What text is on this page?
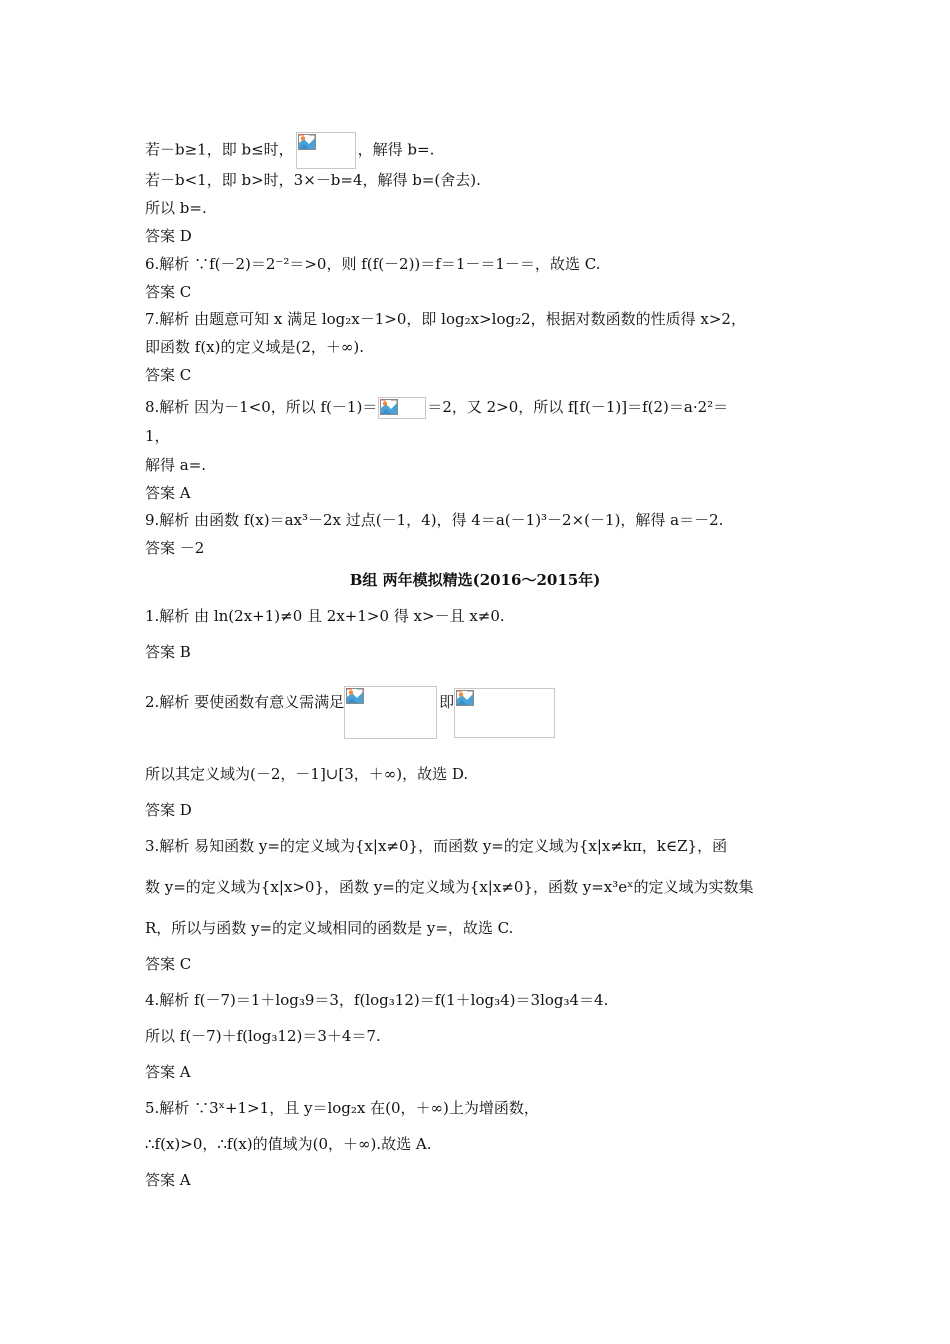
若－b≥1，即 b≤时，	，解得 b=.
若－b<1，即 b>时，3×－b=4，解得 b=(舍去).
所以 b=.
答案 D
6.解析 ∵f(－2)＝2⁻²＝>0，则 f(f(－2))＝f＝1－＝1－＝，故选 C.
答案 C
7.解析 由题意可知 x 满足 log₂x－1>0，即 log₂x>log₂2，根据对数函数的性质得 x>2，
即函数 f(x)的定义域是(2，＋∞).
答案 C
8.解析 因为－1<0，所以 f(－1)＝	＝2，又 2>0，所以 f[f(－1)]＝f(2)＝a·2²＝
1，
解得 a=.
答案 A
9.解析 由函数 f(x)＝ax³－2x 过点(－1，4)，得 4＝a(－1)³－2×(－1)，解得 a＝－2.
答案 －2
B组 两年模拟精选(2016～2015年)
1.解析 由 ln(2x+1)≠0 且 2x+1>0 得 x>－且 x≠0.
答案 B
2.解析 要使函数有意义需满足	即
所以其定义域为(－2，－1]∪[3，＋∞)，故选 D.
答案 D
3.解析 易知函数 y=的定义域为{x|x≠0}，而函数 y=的定义域为{x|x≠kπ，k∈Z}，函
数 y=的定义域为{x|x>0}，函数 y=的定义域为{x|x≠0}，函数 y=x³eˣ的定义域为实数集
R，所以与函数 y=的定义域相同的函数是 y=，故选 C.
答案 C
4.解析 f(－7)＝1＋log₃9＝3，f(log₃12)＝f(1＋log₃4)＝3log₃4＝4.
所以 f(－7)＋f(log₃12)＝3＋4＝7.
答案 A
5.解析 ∵3ˣ+1>1，且 y＝log₂x 在(0，＋∞)上为增函数，
∴f(x)>0，∴f(x)的值域为(0，＋∞).故选 A.
答案 A
